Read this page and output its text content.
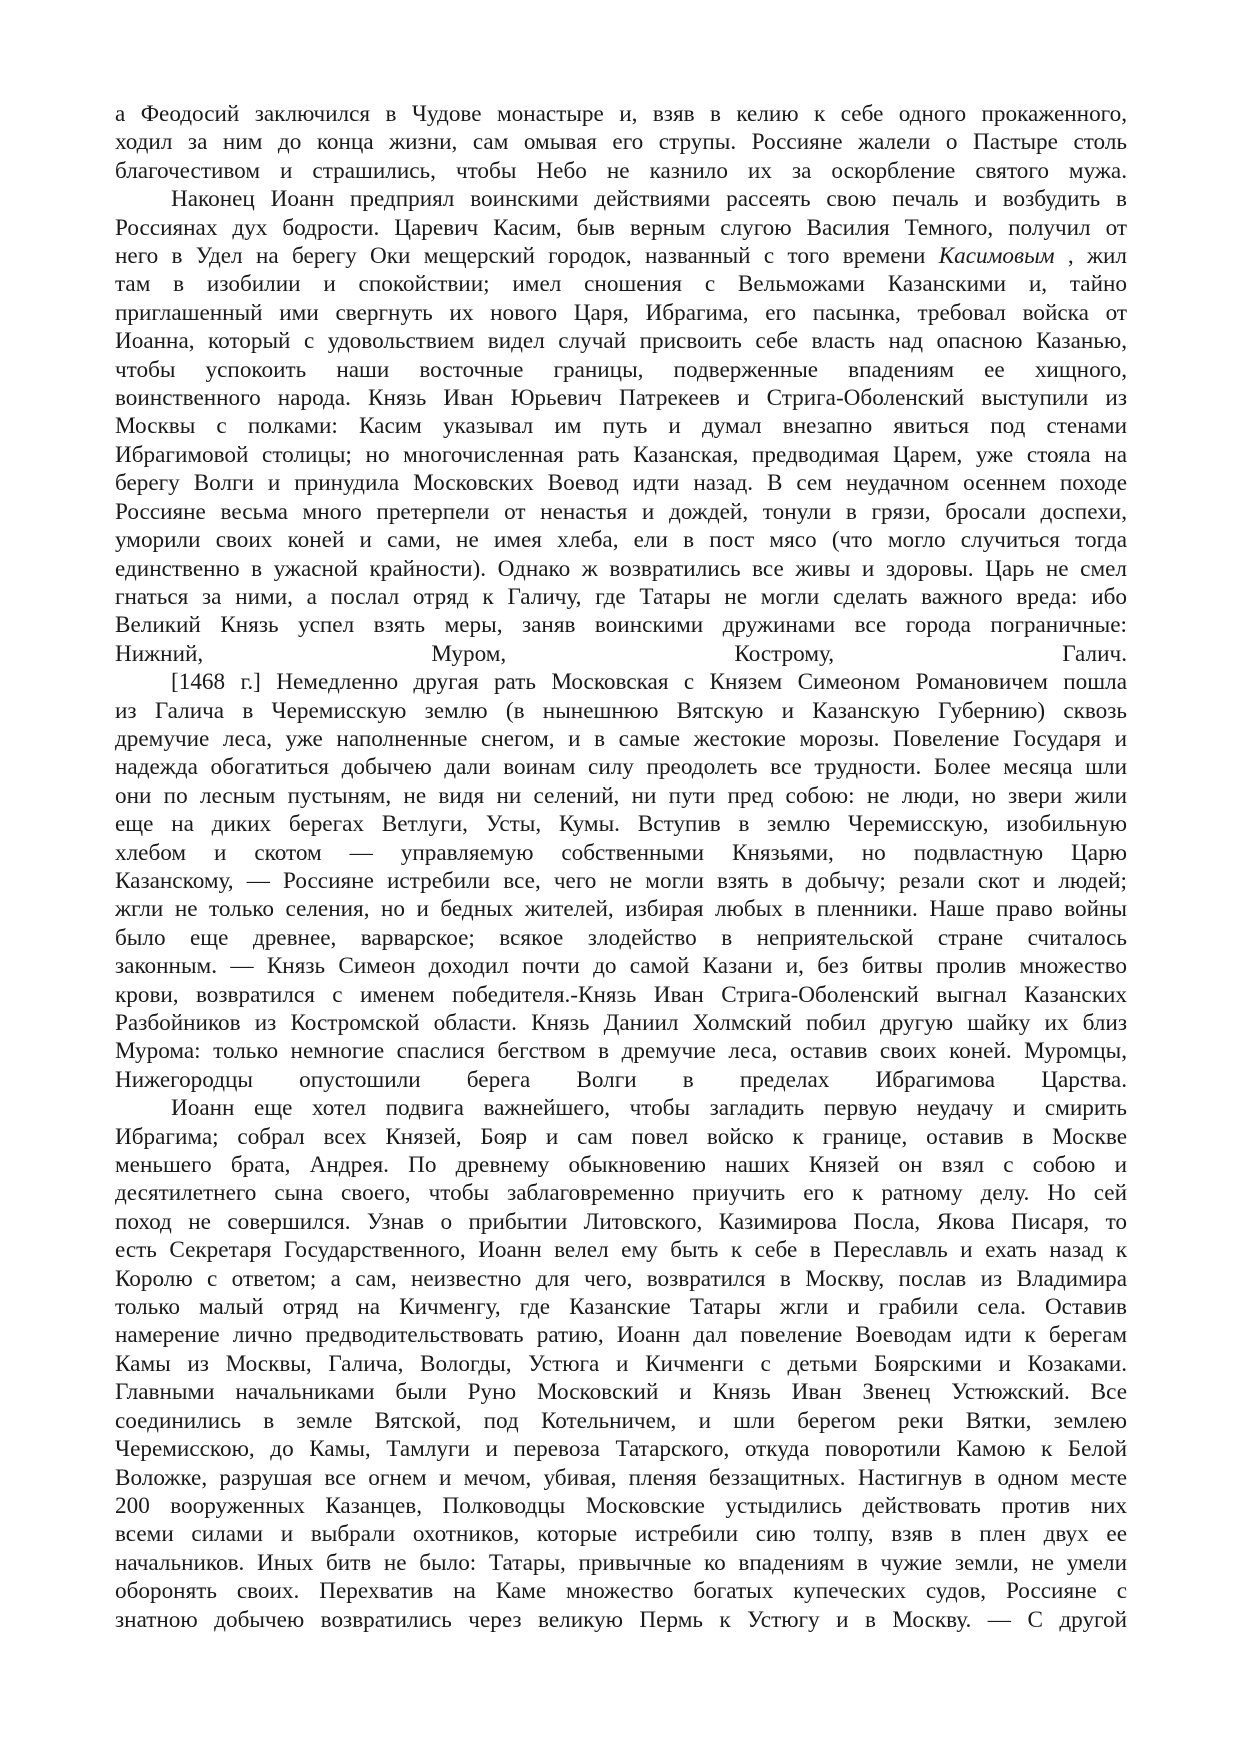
а Феодосий заключился в Чудове монастыре и, взяв в келию к себе одного прокаженного,
ходил за ним до конца жизни, сам омывая его струпы. Россияне жалели о Пастыре столь
благочестивом и страшились, чтобы Небо не казнило их за оскорбление святого мужа.

Наконец Иоанн предприял воинскими действиями рассеять свою печаль и возбудить в
Россиянах дух бодрости. Царевич Касим, быв верным слугою Василия Темного, получил от
него в Удел на берегу Оки мещерский городок, названный с того времени Касимовым , жил
там в изобилии и спокойствии; имел сношения с Вельможами Казанскими и, тайно
приглашенный ими свергнуть их нового Царя, Ибрагима, его пасынка, требовал войска от
Иоанна, который с удовольствием видел случай присвоить себе власть над опасною Казанью,
чтобы успокоить наши восточные границы, подверженные впадениям ее хищного,
воинственного народа. Князь Иван Юрьевич Патрекеев и Стрига-Оболенский выступили из
Москвы с полками: Касим указывал им путь и думал внезапно явиться под стенами
Ибрагимовой столицы; но многочисленная рать Казанская, предводимая Царем, уже стояла на
берегу Волги и принудила Московских Воевод идти назад. В сем неудачном осеннем походе
Россияне весьма много претерпели от ненастья и дождей, тонули в грязи, бросали доспехи,
уморили своих коней и сами, не имея хлеба, ели в пост мясо (что могло случиться тогда
единственно в ужасной крайности). Однако ж возвратились все живы и здоровы. Царь не смел
гнаться за ними, а послал отряд к Галичу, где Татары не могли сделать важного вреда: ибо
Великий Князь успел взять меры, заняв воинскими дружинами все города пограничные:
Нижний, Муром, Кострому, Галич.

[1468 г.] Немедленно другая рать Московская с Князем Симеоном Романовичем пошла
из Галича в Черемисскую землю (в нынешнюю Вятскую и Казанскую Губернию) сквозь
дремучие леса, уже наполненные снегом, и в самые жестокие морозы. Повеление Государя и
надежда обогатиться добычею дали воинам силу преодолеть все трудности. Более месяца шли
они по лесным пустыням, не видя ни селений, ни пути пред собою: не люди, но звери жили
еще на диких берегах Ветлуги, Усты, Кумы. Вступив в землю Черемисскую, изобильную
хлебом и скотом — управляемую собственными Князьями, но подвластную Царю
Казанскому, — Россияне истребили все, чего не могли взять в добычу; резали скот и людей;
жгли не только селения, но и бедных жителей, избирая любых в пленники. Наше право войны
было еще древнее, варварское; всякое злодейство в неприятельской стране считалось
законным. — Князь Симеон доходил почти до самой Казани и, без битвы пролив множество
крови, возвратился с именем победителя.-Князь Иван Стрига-Оболенский выгнал Казанских
Разбойников из Костромской области. Князь Даниил Холмский побил другую шайку их близ
Мурома: только немногие спаслися бегством в дремучие леса, оставив своих коней. Муромцы,
Нижегородцы опустошили берега Волги в пределах Ибрагимова Царства.

Иоанн еще хотел подвига важнейшего, чтобы загладить первую неудачу и смирить
Ибрагима; собрал всех Князей, Бояр и сам повел войско к границе, оставив в Москве
меньшего брата, Андрея. По древнему обыкновению наших Князей он взял с собою и
десятилетнего сына своего, чтобы заблаговременно приучить его к ратному делу. Но сей
поход не совершился. Узнав о прибытии Литовского, Казимирова Посла, Якова Писаря, то
есть Секретаря Государственного, Иоанн велел ему быть к себе в Переславль и ехать назад к
Королю с ответом; а сам, неизвестно для чего, возвратился в Москву, послав из Владимира
только малый отряд на Кичменгу, где Казанские Татары жгли и грабили села. Оставив
намерение лично предводительствовать ратию, Иоанн дал повеление Воеводам идти к берегам
Камы из Москвы, Галича, Вологды, Устюга и Кичменги с детьми Боярскими и Козаками.
Главными начальниками были Руно Московский и Князь Иван Звенец Устюжский. Все
соединились в земле Вятской, под Котельничем, и шли берегом реки Вятки, землею
Черемисскою, до Камы, Тамлуги и перевоза Татарского, откуда поворотили Камою к Белой
Воложке, разрушая все огнем и мечом, убивая, пленяя беззащитных. Настигнув в одном месте
200 вооруженных Казанцев, Полководцы Московские устыдились действовать против них
всеми силами и выбрали охотников, которые истребили сию толпу, взяв в плен двух ее
начальников. Иных битв не было: Татары, привычные ко впадениям в чужие земли, не умели
оборонять своих. Перехватив на Каме множество богатых купеческих судов, Россияне с
знатною добычею возвратились через великую Пермь к Устюгу и в Москву. — С другой
